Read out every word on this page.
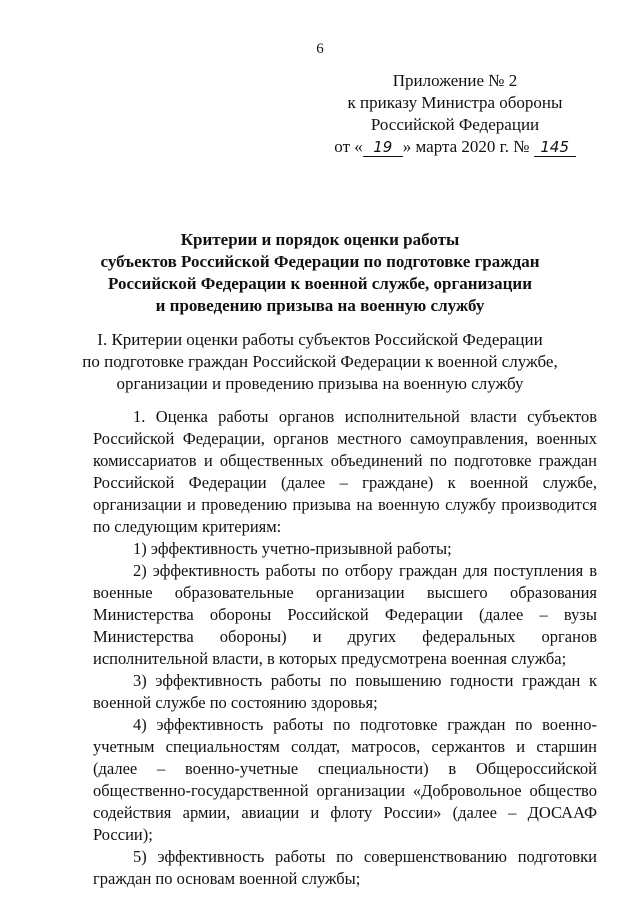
6
Приложение № 2
к приказу Министра обороны
Российской Федерации
от « 19 » марта 2020 г. № 145
Критерии и порядок оценки работы
субъектов Российской Федерации по подготовке граждан
Российской Федерации к военной службе, организации
и проведению призыва на военную службу
I. Критерии оценки работы субъектов Российской Федерации
по подготовке граждан Российской Федерации к военной службе,
организации и проведению призыва на военную службу

1. Оценка работы органов исполнительной власти субъектов Российской Федерации, органов местного самоуправления, военных комиссариатов и общественных объединений по подготовке граждан Российской Федерации (далее – граждане) к военной службе, организации и проведению призыва на военную службу производится по следующим критериям:

1) эффективность учетно-призывной работы;

2) эффективность работы по отбору граждан для поступления в военные образовательные организации высшего образования Министерства обороны Российской Федерации (далее – вузы Министерства обороны) и других федеральных органов исполнительной власти, в которых предусмотрена военная служба;

3) эффективность работы по повышению годности граждан к военной службе по состоянию здоровья;

4) эффективность работы по подготовке граждан по военно-учетным специальностям солдат, матросов, сержантов и старшин (далее – военно-учетные специальности) в Общероссийской общественно-государственной организации «Добровольное общество содействия армии, авиации и флоту России» (далее – ДОСААФ России);

5) эффективность работы по совершенствованию подготовки граждан по основам военной службы;
